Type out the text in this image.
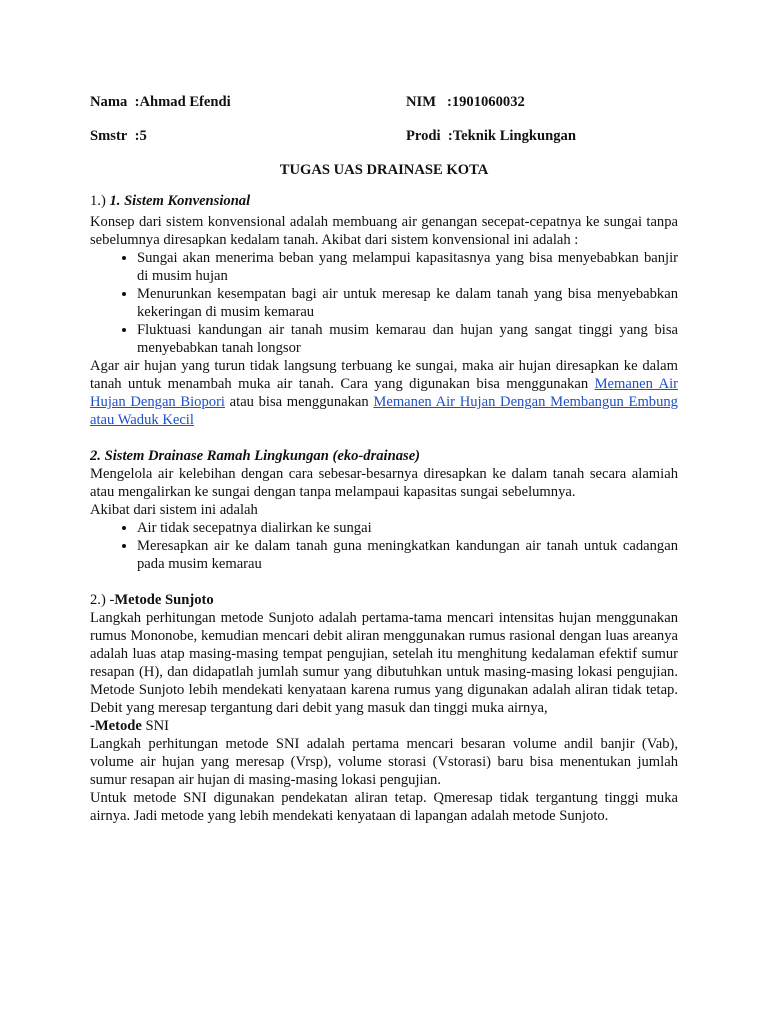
Nama :Ahmad Efendi	NIM :1901060032
Smstr :5	Prodi :Teknik Lingkungan
TUGAS UAS DRAINASE KOTA
1.) 1. Sistem Konvensional

Konsep dari sistem konvensional adalah membuang air genangan secepat-cepatnya ke sungai tanpa sebelumnya diresapkan kedalam tanah. Akibat dari sistem konvensional ini adalah :

• Sungai akan menerima beban yang melampui kapasitasnya yang bisa menyebabkan banjir di musim hujan
• Menurunkan kesempatan bagi air untuk meresap ke dalam tanah yang bisa menyebabkan kekeringan di musim kemarau
• Fluktuasi kandungan air tanah musim kemarau dan hujan yang sangat tinggi yang bisa menyebabkan tanah longsor

Agar air hujan yang turun tidak langsung terbuang ke sungai, maka air hujan diresapkan ke dalam tanah untuk menambah muka air tanah. Cara yang digunakan bisa menggunakan Memanen Air Hujan Dengan Biopori atau bisa menggunakan Memanen Air Hujan Dengan Membangun Embung atau Waduk Kecil

2. Sistem Drainase Ramah Lingkungan (eko-drainase)

Mengelola air kelebihan dengan cara sebesar-besarnya diresapkan ke dalam tanah secara alamiah atau mengalirkan ke sungai dengan tanpa melampaui kapasitas sungai sebelumnya.

Akibat dari sistem ini adalah

• Air tidak secepatnya dialirkan ke sungai
• Meresapkan air ke dalam tanah guna meningkatkan kandungan air tanah untuk cadangan pada musim kemarau
2.) -Metode Sunjoto

Langkah perhitungan metode Sunjoto adalah pertama-tama mencari intensitas hujan menggunakan rumus Mononobe, kemudian mencari debit aliran menggunakan rumus rasional dengan luas areanya adalah luas atap masing-masing tempat pengujian, setelah itu menghitung kedalaman efektif sumur resapan (H), dan didapatlah jumlah sumur yang dibutuhkan untuk masing-masing lokasi pengujian. Metode Sunjoto lebih mendekati kenyataan karena rumus yang digunakan adalah aliran tidak tetap. Debit yang meresap tergantung dari debit yang masuk dan tinggi muka airnya,

-Metode SNI

Langkah perhitungan metode SNI adalah pertama mencari besaran volume andil banjir (Vab), volume air hujan yang meresap (Vrsp), volume storasi (Vstorasi) baru bisa menentukan jumlah sumur resapan air hujan di masing-masing lokasi pengujian.

Untuk metode SNI digunakan pendekatan aliran tetap. Qmeresap tidak tergantung tinggi muka airnya. Jadi metode yang lebih mendekati kenyataan di lapangan adalah metode Sunjoto.
